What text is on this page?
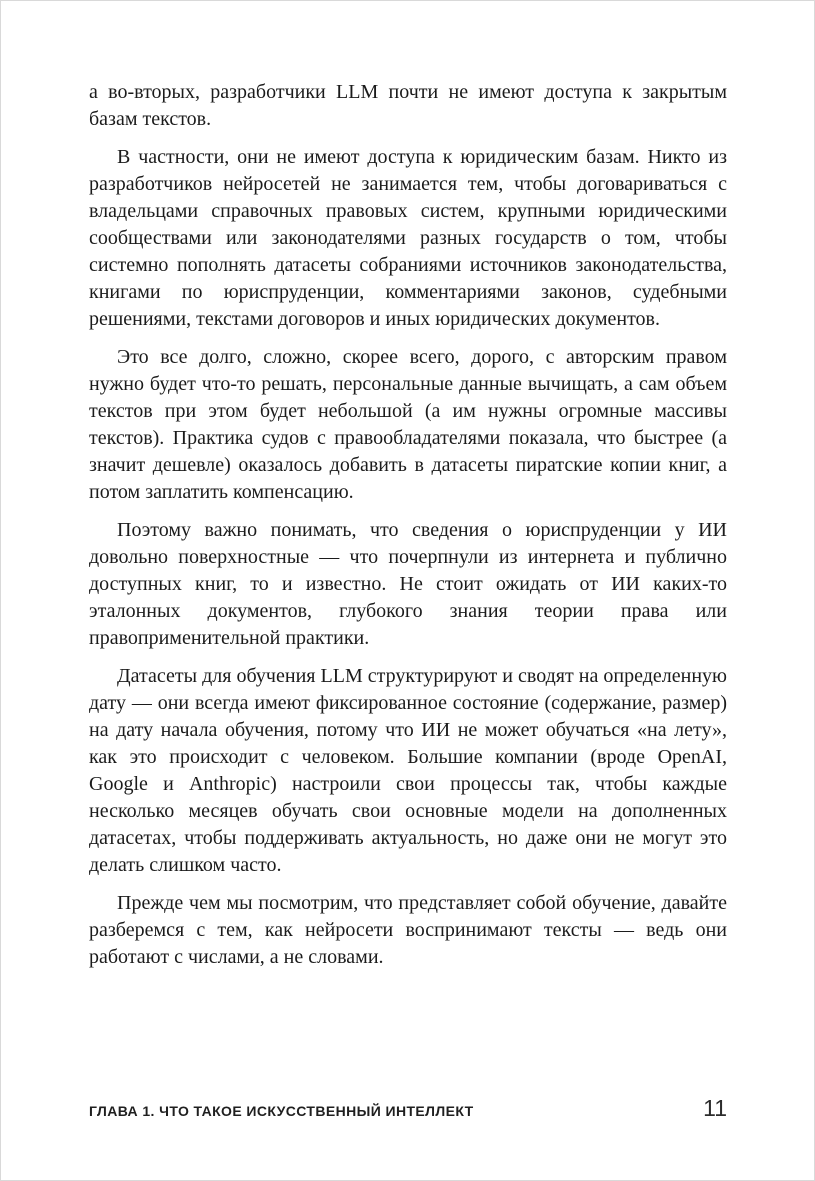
а во-вторых, разработчики LLM почти не имеют доступа к закрытым базам текстов.

В частности, они не имеют доступа к юридическим базам. Никто из разработчиков нейросетей не занимается тем, чтобы договариваться с владельцами справочных правовых систем, крупными юридическими сообществами или законодателями разных государств о том, чтобы системно пополнять датасеты собраниями источников законодательства, книгами по юриспруденции, комментариями законов, судебными решениями, текстами договоров и иных юридических документов.

Это все долго, сложно, скорее всего, дорого, с авторским правом нужно будет что-то решать, персональные данные вычищать, а сам объем текстов при этом будет небольшой (а им нужны огромные массивы текстов). Практика судов с правообладателями показала, что быстрее (а значит дешевле) оказалось добавить в датасеты пиратские копии книг, а потом заплатить компенсацию.

Поэтому важно понимать, что сведения о юриспруденции у ИИ довольно поверхностные — что почерпнули из интернета и публично доступных книг, то и известно. Не стоит ожидать от ИИ каких-то эталонных документов, глубокого знания теории права или правоприменительной практики.

Датасеты для обучения LLM структурируют и сводят на определенную дату — они всегда имеют фиксированное состояние (содержание, размер) на дату начала обучения, потому что ИИ не может обучаться «на лету», как это происходит с человеком. Большие компании (вроде OpenAI, Google и Anthropic) настроили свои процессы так, чтобы каждые несколько месяцев обучать свои основные модели на дополненных датасетах, чтобы поддерживать актуальность, но даже они не могут это делать слишком часто.

Прежде чем мы посмотрим, что представляет собой обучение, давайте разберемся с тем, как нейросети воспринимают тексты — ведь они работают с числами, а не словами.

ГЛАВА 1. ЧТО ТАКОЕ ИСКУССТВЕННЫЙ ИНТЕЛЛЕКТ	11
